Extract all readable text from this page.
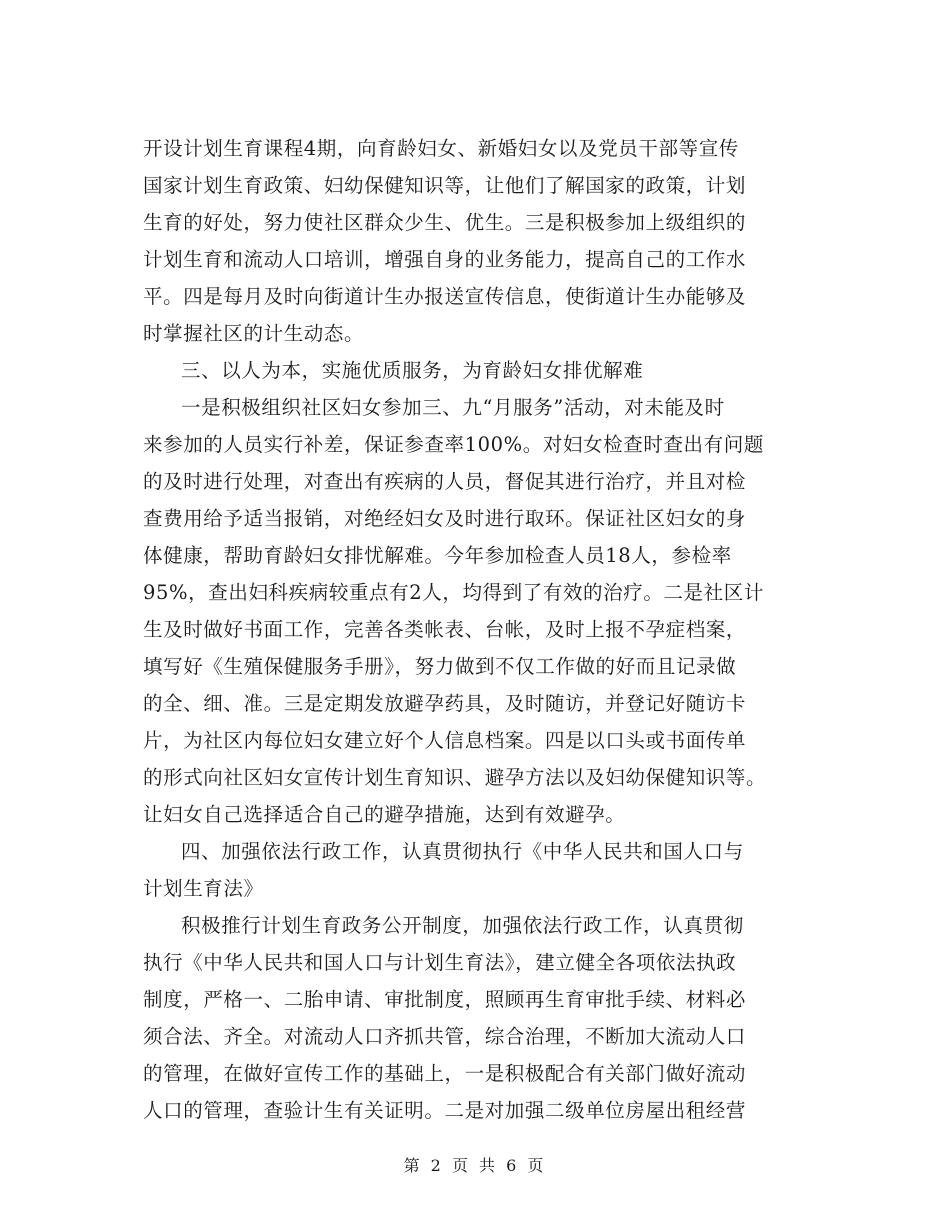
开设计划生育课程4期，向育龄妇女、新婚妇女以及党员干部等宣传
国家计划生育政策、妇幼保健知识等，让他们了解国家的政策，计划
生育的好处，努力使社区群众少生、优生。三是积极参加上级组织的
计划生育和流动人口培训，增强自身的业务能力，提高自己的工作水
平。四是每月及时向街道计生办报送宣传信息，使街道计生办能够及
时掌握社区的计生动态。
三、以人为本，实施优质服务，为育龄妇女排优解难
一是积极组织社区妇女参加三、九“月服务”活动，对未能及时
来参加的人员实行补差，保证参查率100%。对妇女检查时查出有问题
的及时进行处理，对查出有疾病的人员，督促其进行治疗，并且对检
查费用给予适当报销，对绝经妇女及时进行取环。保证社区妇女的身
体健康，帮助育龄妇女排忧解难。今年参加检查人员18人，参检率
95%，查出妇科疾病较重点有2人，均得到了有效的治疗。二是社区计
生及时做好书面工作，完善各类帐表、台帐，及时上报不孕症档案，
填写好《生殖保健服务手册》，努力做到不仅工作做的好而且记录做
的全、细、准。三是定期发放避孕药具，及时随访，并登记好随访卡
片，为社区内每位妇女建立好个人信息档案。四是以口头或书面传单
的形式向社区妇女宣传计划生育知识、避孕方法以及妇幼保健知识等。
让妇女自己选择适合自己的避孕措施，达到有效避孕。
四、加强依法行政工作，认真贯彻执行《中华人民共和国人口与
计划生育法》
积极推行计划生育政务公开制度，加强依法行政工作，认真贯彻
执行《中华人民共和国人口与计划生育法》，建立健全各项依法执政
制度，严格一、二胎申请、审批制度，照顾再生育审批手续、材料必
须合法、齐全。对流动人口齐抓共管，综合治理，不断加大流动人口
的管理，在做好宣传工作的基础上，一是积极配合有关部门做好流动
人口的管理，查验计生有关证明。二是对加强二级单位房屋出租经营
第 2 页 共 6 页
